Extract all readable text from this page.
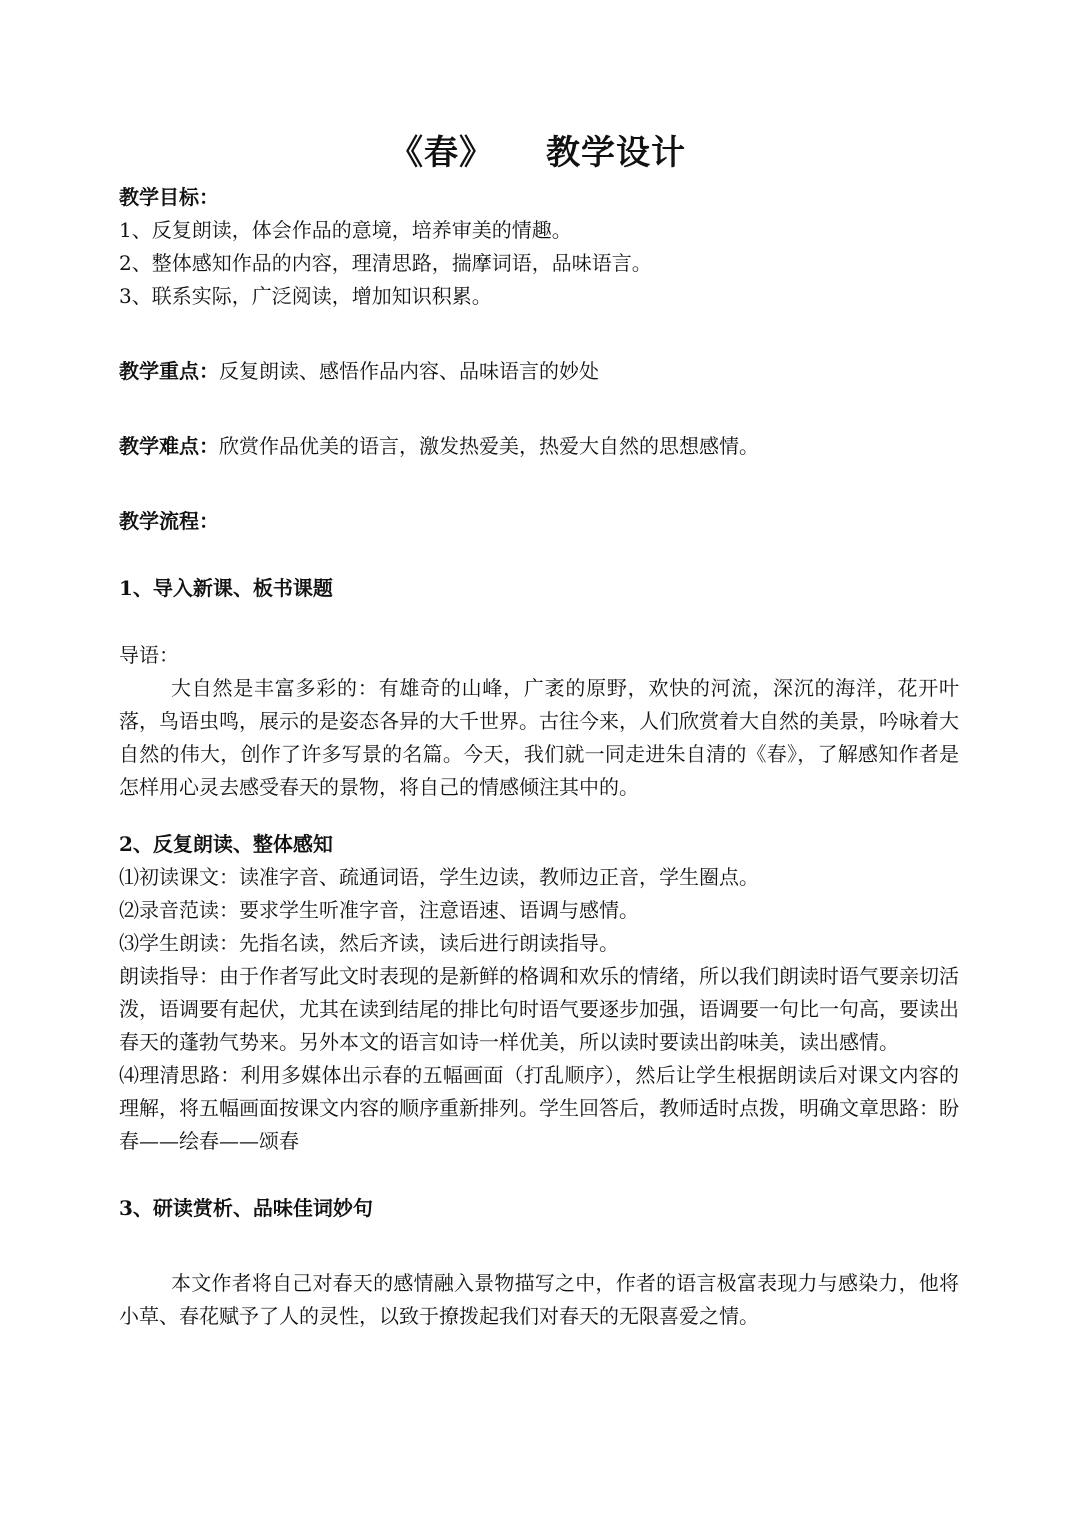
《春》 教学设计
教学目标：
1、反复朗读，体会作品的意境，培养审美的情趣。
2、整体感知作品的内容，理清思路，揣摩词语，品味语言。
3、联系实际，广泛阅读，增加知识积累。
教学重点：反复朗读、感悟作品内容、品味语言的妙处
教学难点：欣赏作品优美的语言，激发热爱美，热爱大自然的思想感情。
教学流程：
1、导入新课、板书课题
导语：
大自然是丰富多彩的：有雄奇的山峰，广袤的原野，欢快的河流，深沉的海洋，花开叶落，鸟语虫鸣，展示的是姿态各异的大千世界。古往今来，人们欣赏着大自然的美景，吟咏着大自然的伟大，创作了许多写景的名篇。今天，我们就一同走进朱自清的《春》，了解感知作者是怎样用心灵去感受春天的景物，将自己的情感倾注其中的。
2、反复朗读、整体感知
⑴初读课文：读准字音、疏通词语，学生边读，教师边正音，学生圈点。
⑵录音范读：要求学生听准字音，注意语速、语调与感情。
⑶学生朗读：先指名读，然后齐读，读后进行朗读指导。
朗读指导：由于作者写此文时表现的是新鲜的格调和欢乐的情绪，所以我们朗读时语气要亲切活泼，语调要有起伏，尤其在读到结尾的排比句时语气要逐步加强，语调要一句比一句高，要读出春天的蓬勃气势来。另外本文的语言如诗一样优美，所以读时要读出韵味美，读出感情。
⑷理清思路：利用多媒体出示春的五幅画面（打乱顺序），然后让学生根据朗读后对课文内容的理解，将五幅画面按课文内容的顺序重新排列。学生回答后，教师适时点拨，明确文章思路：盼春——绘春——颂春
3、研读赏析、品味佳词妙句
本文作者将自己对春天的感情融入景物描写之中，作者的语言极富表现力与感染力，他将小草、春花赋予了人的灵性，以致于撩拨起我们对春天的无限喜爱之情。
